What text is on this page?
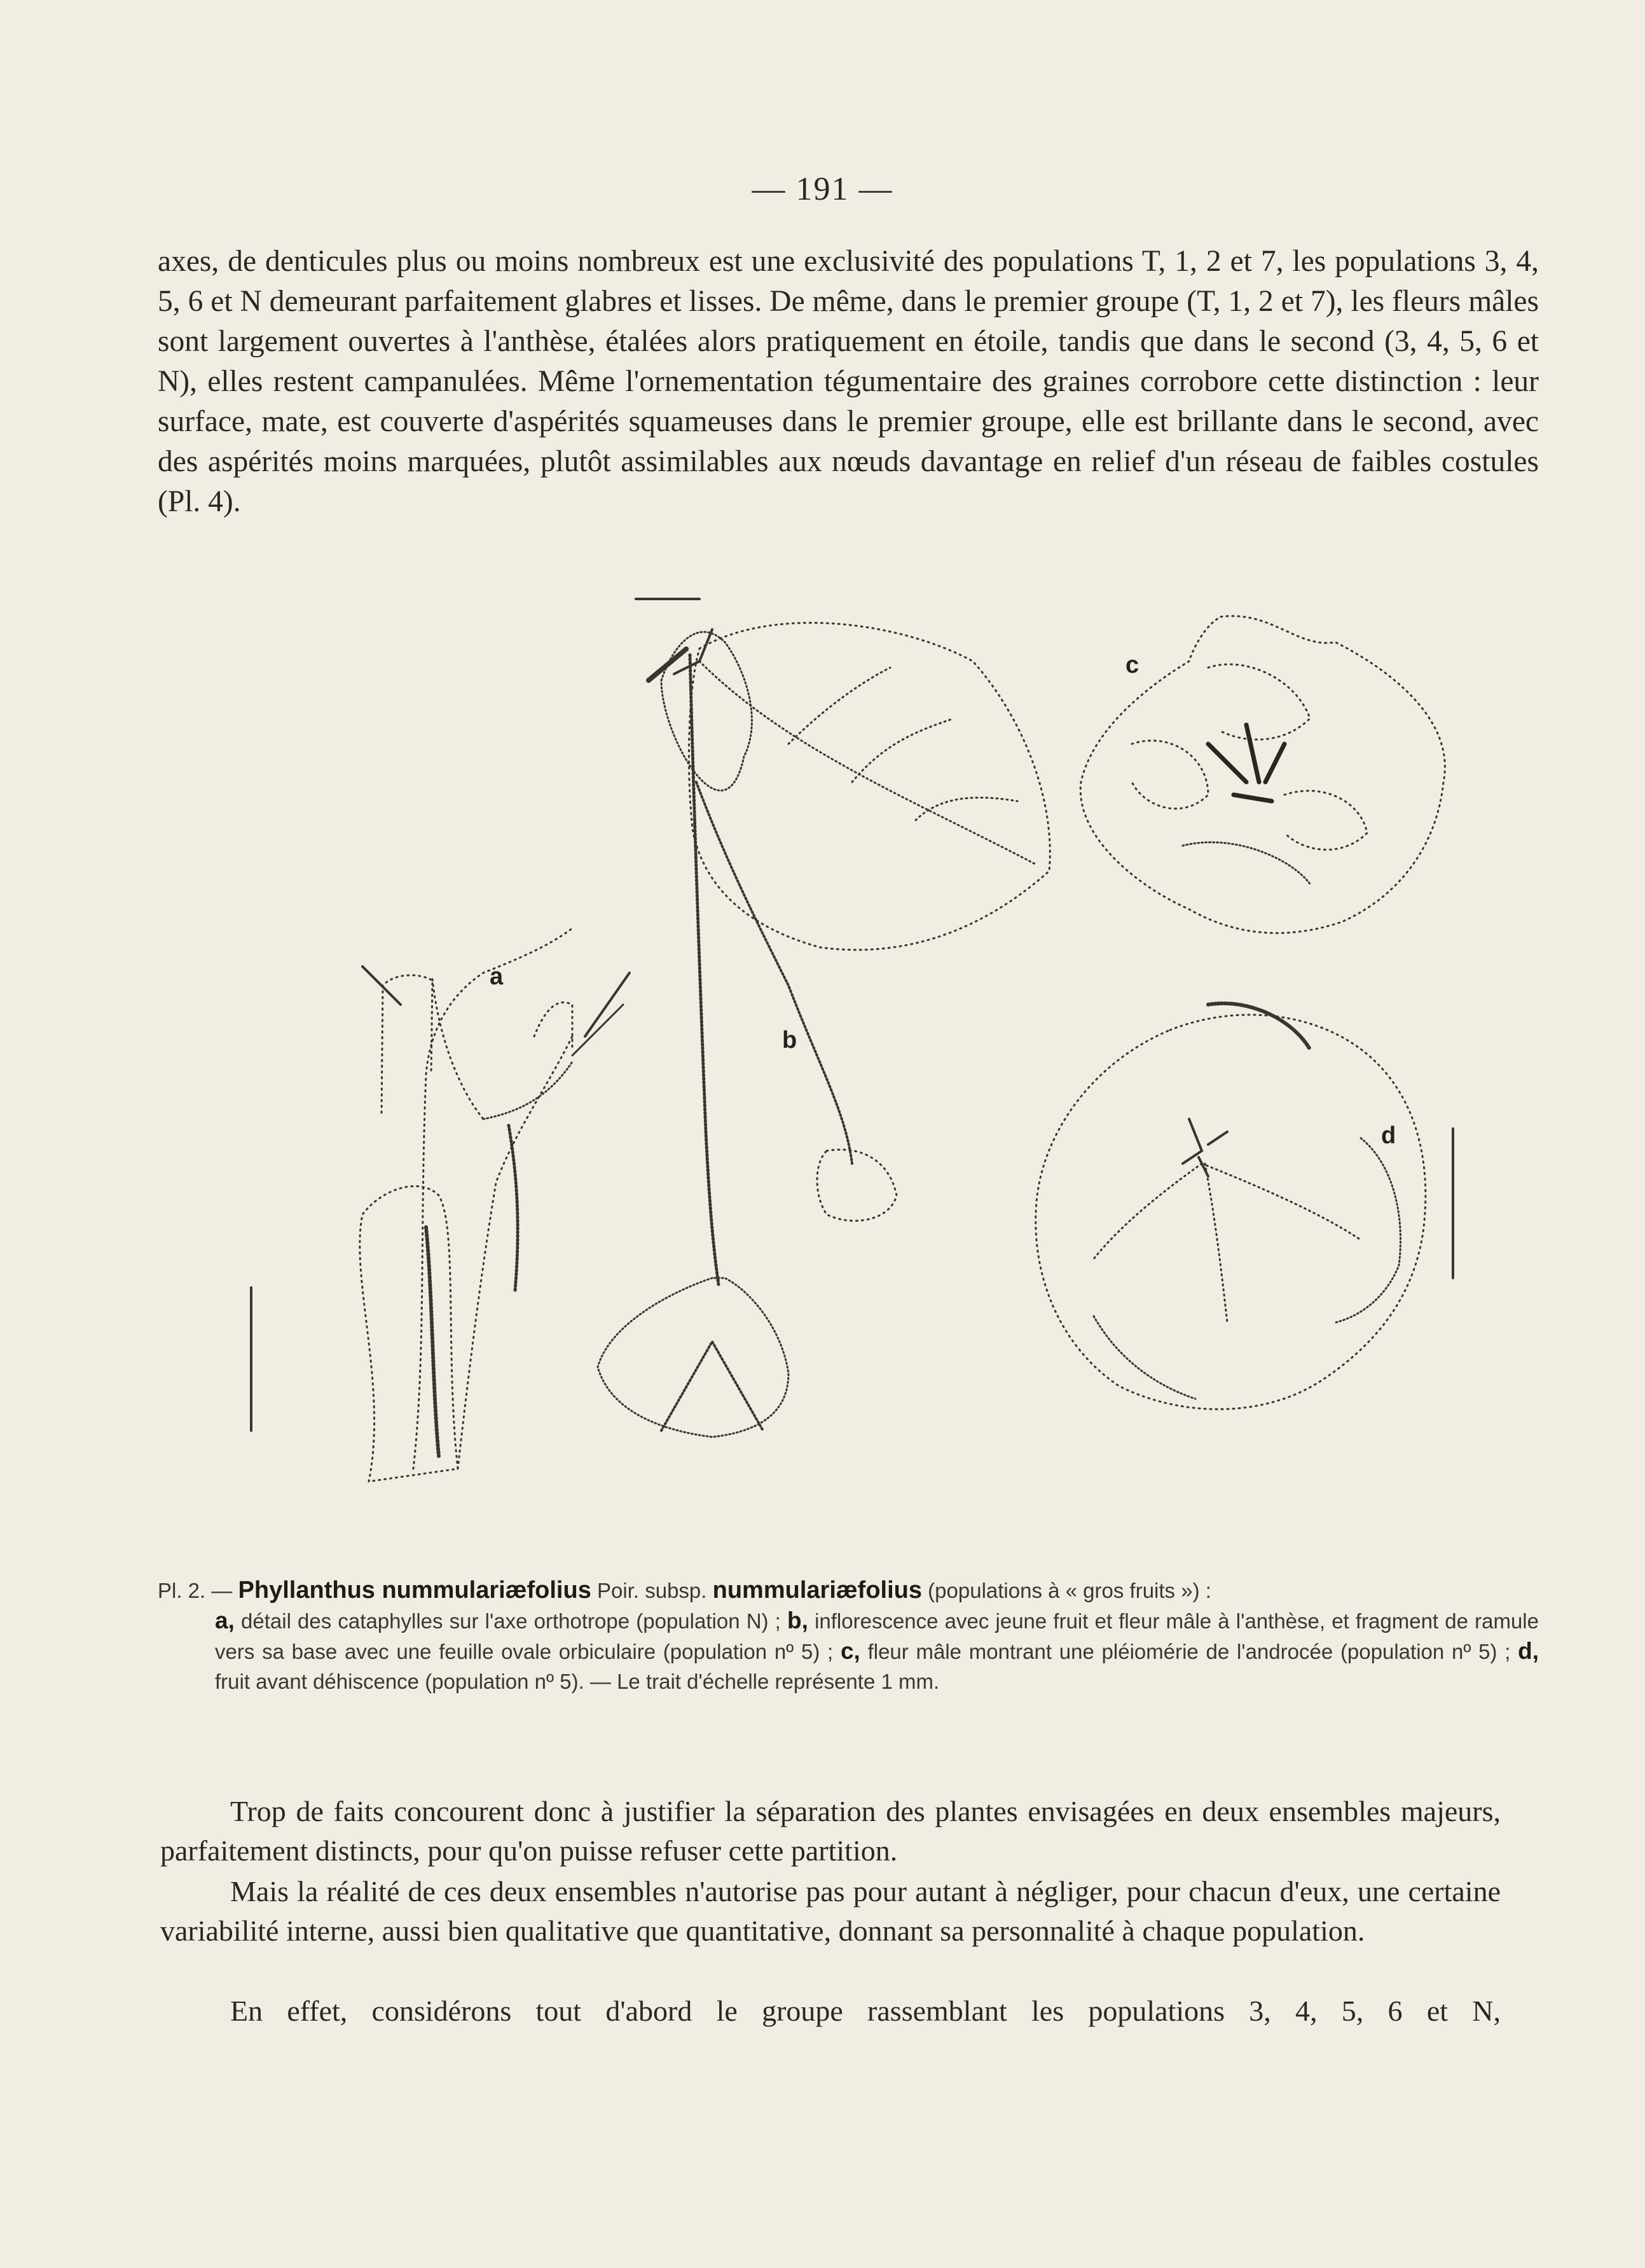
— 191 —
axes, de denticules plus ou moins nombreux est une exclusivité des populations T, 1, 2 et 7, les populations 3, 4, 5, 6 et N demeurant parfaitement glabres et lisses. De même, dans le premier groupe (T, 1, 2 et 7), les fleurs mâles sont largement ouvertes à l'anthèse, étalées alors pratiquement en étoile, tandis que dans le second (3, 4, 5, 6 et N), elles restent campanulées. Même l'ornementation tégumentaire des graines corrobore cette distinction : leur surface, mate, est couverte d'aspérités squameuses dans le premier groupe, elle est brillante dans le second, avec des aspérités moins marquées, plutôt assimilables aux nœuds davantage en relief d'un réseau de faibles costules (Pl. 4).
a
b
c
d
Pl. 2. — Phyllanthus nummulariæfolius Poir. subsp. nummulariæfolius (populations à « gros fruits ») :
a, détail des cataphylles sur l'axe orthotrope (population N) ; b, inflorescence avec jeune fruit et fleur mâle à l'anthèse, et fragment de ramule vers sa base avec une feuille ovale orbiculaire (population nº 5) ; c, fleur mâle montrant une pléiomérie de l'androcée (population nº 5) ; d, fruit avant déhiscence (population nº 5). — Le trait d'échelle représente 1 mm.
Trop de faits concourent donc à justifier la séparation des plantes envisagées en deux ensembles majeurs, parfaitement distincts, pour qu'on puisse refuser cette partition.
Mais la réalité de ces deux ensembles n'autorise pas pour autant à négliger, pour chacun d'eux, une certaine variabilité interne, aussi bien qualitative que quantitative, donnant sa personnalité à chaque population.
En effet, considérons tout d'abord le groupe rassemblant les populations 3, 4, 5, 6 et N,
